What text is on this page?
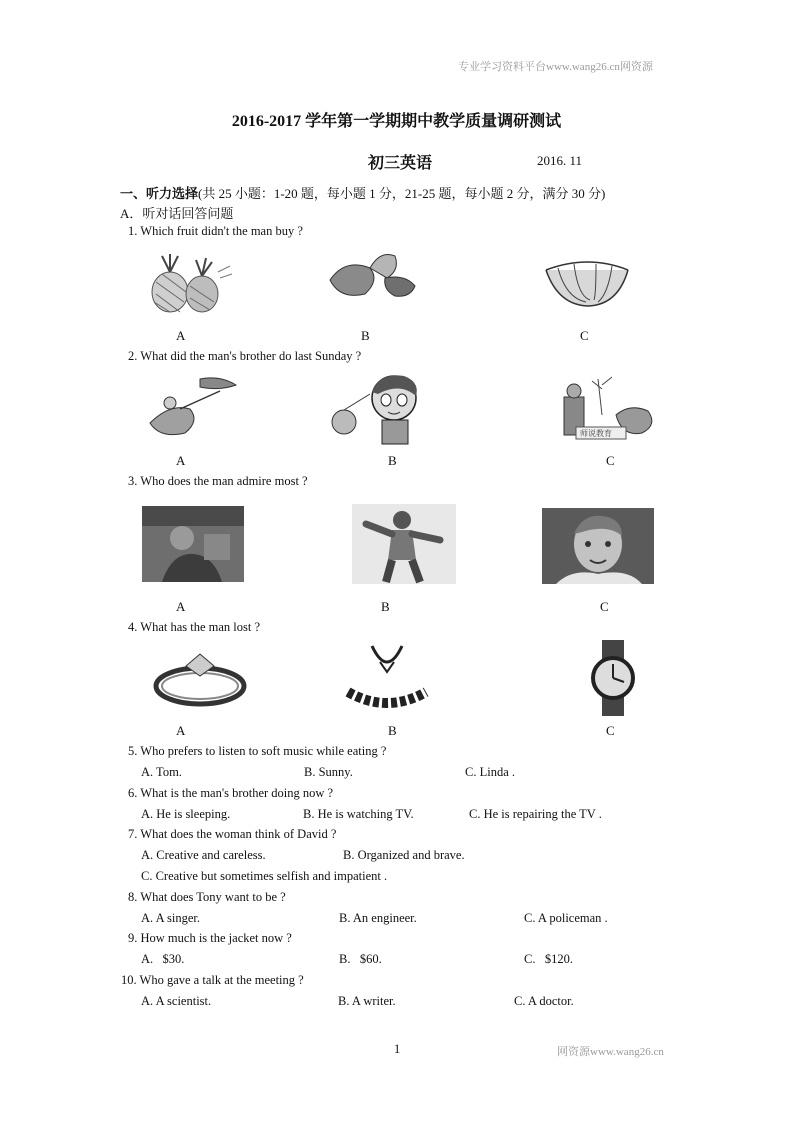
专业学习资料平台www.wang26.cn网资源
2016-2017 学年第一学期期中教学质量调研测试
初三英语	2016. 11
一、听力选择(共 25 小题：1-20 题，每小题 1 分，21-25 题，每小题 2 分，满分 30 分)
A．听对话回答问题
1. Which fruit didn't the man buy ?
A	B	C
2. What did the man's brother do last Sunday ?
师说教育
A	B	C
3. Who does the man admire most ?
A	B	C
4. What has the man lost ?
A	B	C
5. Who prefers to listen to soft music while eating ?
A. Tom.	B. Sunny.	C. Linda .
6. What is the man's brother doing now ?
A. He is sleeping.	B. He is watching TV.	C. He is repairing the TV .
7. What does the woman think of David ?
A. Creative and careless.	B. Organized and brave.
C. Creative but sometimes selfish and impatient .
8. What does Tony want to be ?
A. A singer.	B. An engineer.	C. A policeman .
9. How much is the jacket now ?
A.   $30.	B.   $60.	C.   $120.
10. Who gave a talk at the meeting ?
A. A scientist.	B. A writer.	C. A doctor.
1	网资源www.wang26.cn
